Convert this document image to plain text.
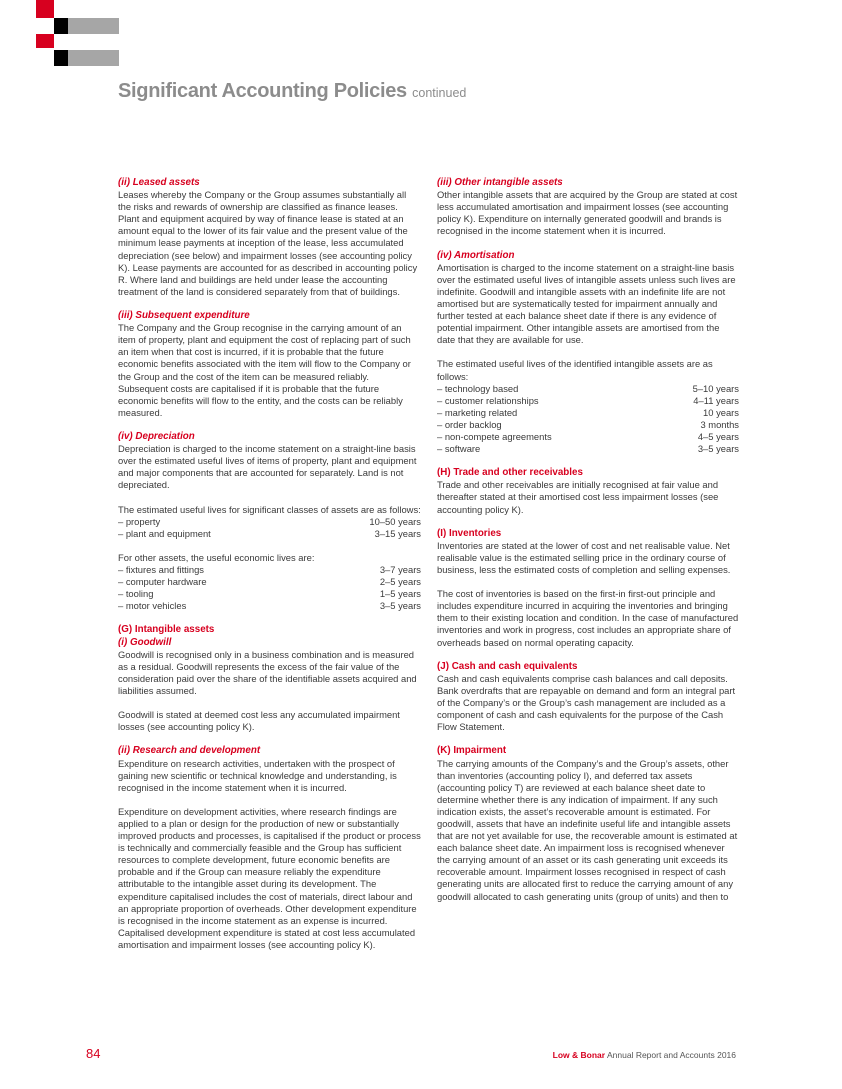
Significant Accounting Policies continued
(ii) Leased assets

Leases whereby the Company or the Group assumes substantially all the risks and rewards of ownership are classified as finance leases. Plant and equipment acquired by way of finance lease is stated at an amount equal to the lower of its fair value and the present value of the minimum lease payments at inception of the lease, less accumulated depreciation (see below) and impairment losses (see accounting policy K). Lease payments are accounted for as described in accounting policy R. Where land and buildings are held under lease the accounting treatment of the land is considered separately from that of buildings.

(iii) Subsequent expenditure

The Company and the Group recognise in the carrying amount of an item of property, plant and equipment the cost of replacing part of such an item when that cost is incurred, if it is probable that the future economic benefits associated with the item will flow to the Company or the Group and the cost of the item can be measured reliably. Subsequent costs are capitalised if it is probable that the future economic benefits will flow to the entity, and the costs can be reliably measured.

(iv) Depreciation

Depreciation is charged to the income statement on a straight-line basis over the estimated useful lives of items of property, plant and equipment and major components that are accounted for separately. Land is not depreciated.

The estimated useful lives for significant classes of assets are as follows:

– property	10–50 years
– plant and equipment	3–15 years

For other assets, the useful economic lives are:

– fixtures and fittings	3–7 years
– computer hardware	2–5 years
– tooling	1–5 years
– motor vehicles	3–5 years
(G) Intangible assets
(i) Goodwill

Goodwill is recognised only in a business combination and is measured as a residual. Goodwill represents the excess of the fair value of the consideration paid over the share of the identifiable assets acquired and liabilities assumed.

Goodwill is stated at deemed cost less any accumulated impairment losses (see accounting policy K).

(ii) Research and development

Expenditure on research activities, undertaken with the prospect of gaining new scientific or technical knowledge and understanding, is recognised in the income statement when it is incurred.

Expenditure on development activities, where research findings are applied to a plan or design for the production of new or substantially improved products and processes, is capitalised if the product or process is technically and commercially feasible and the Group has sufficient resources to complete development, future economic benefits are probable and if the Group can measure reliably the expenditure attributable to the intangible asset during its development. The expenditure capitalised includes the cost of materials, direct labour and an appropriate proportion of overheads. Other development expenditure is recognised in the income statement as an expense is incurred. Capitalised development expenditure is stated at cost less accumulated amortisation and impairment losses (see accounting policy K).

(iii) Other intangible assets

Other intangible assets that are acquired by the Group are stated at cost less accumulated amortisation and impairment losses (see accounting policy K). Expenditure on internally generated goodwill and brands is recognised in the income statement when it is incurred.

(iv) Amortisation

Amortisation is charged to the income statement on a straight-line basis over the estimated useful lives of intangible assets unless such lives are indefinite. Goodwill and intangible assets with an indefinite life are not amortised but are systematically tested for impairment annually and further tested at each balance sheet date if there is any evidence of potential impairment. Other intangible assets are amortised from the date that they are available for use.

The estimated useful lives of the identified intangible assets are as follows:

– technology based	5–10 years
– customer relationships	4–11 years
– marketing related	10 years
– order backlog	3 months
– non-compete agreements	4–5 years
– software	3–5 years
(H) Trade and other receivables

Trade and other receivables are initially recognised at fair value and thereafter stated at their amortised cost less impairment losses (see accounting policy K).

(I) Inventories

Inventories are stated at the lower of cost and net realisable value. Net realisable value is the estimated selling price in the ordinary course of business, less the estimated costs of completion and selling expenses.

The cost of inventories is based on the first-in first-out principle and includes expenditure incurred in acquiring the inventories and bringing them to their existing location and condition. In the case of manufactured inventories and work in progress, cost includes an appropriate share of overheads based on normal operating capacity.

(J) Cash and cash equivalents

Cash and cash equivalents comprise cash balances and call deposits. Bank overdrafts that are repayable on demand and form an integral part of the Company’s or the Group’s cash management are included as a component of cash and cash equivalents for the purpose of the Cash Flow Statement.

(K) Impairment

The carrying amounts of the Company’s and the Group’s assets, other than inventories (accounting policy I), and deferred tax assets (accounting policy T) are reviewed at each balance sheet date to determine whether there is any indication of impairment. If any such indication exists, the asset’s recoverable amount is estimated. For goodwill, assets that have an indefinite useful life and intangible assets that are not yet available for use, the recoverable amount is estimated at each balance sheet date. An impairment loss is recognised whenever the carrying amount of an asset or its cash generating unit exceeds its recoverable amount. Impairment losses recognised in respect of cash generating units are allocated first to reduce the carrying amount of any goodwill allocated to cash generating units (group of units) and then to

84	Low & Bonar Annual Report and Accounts 2016
